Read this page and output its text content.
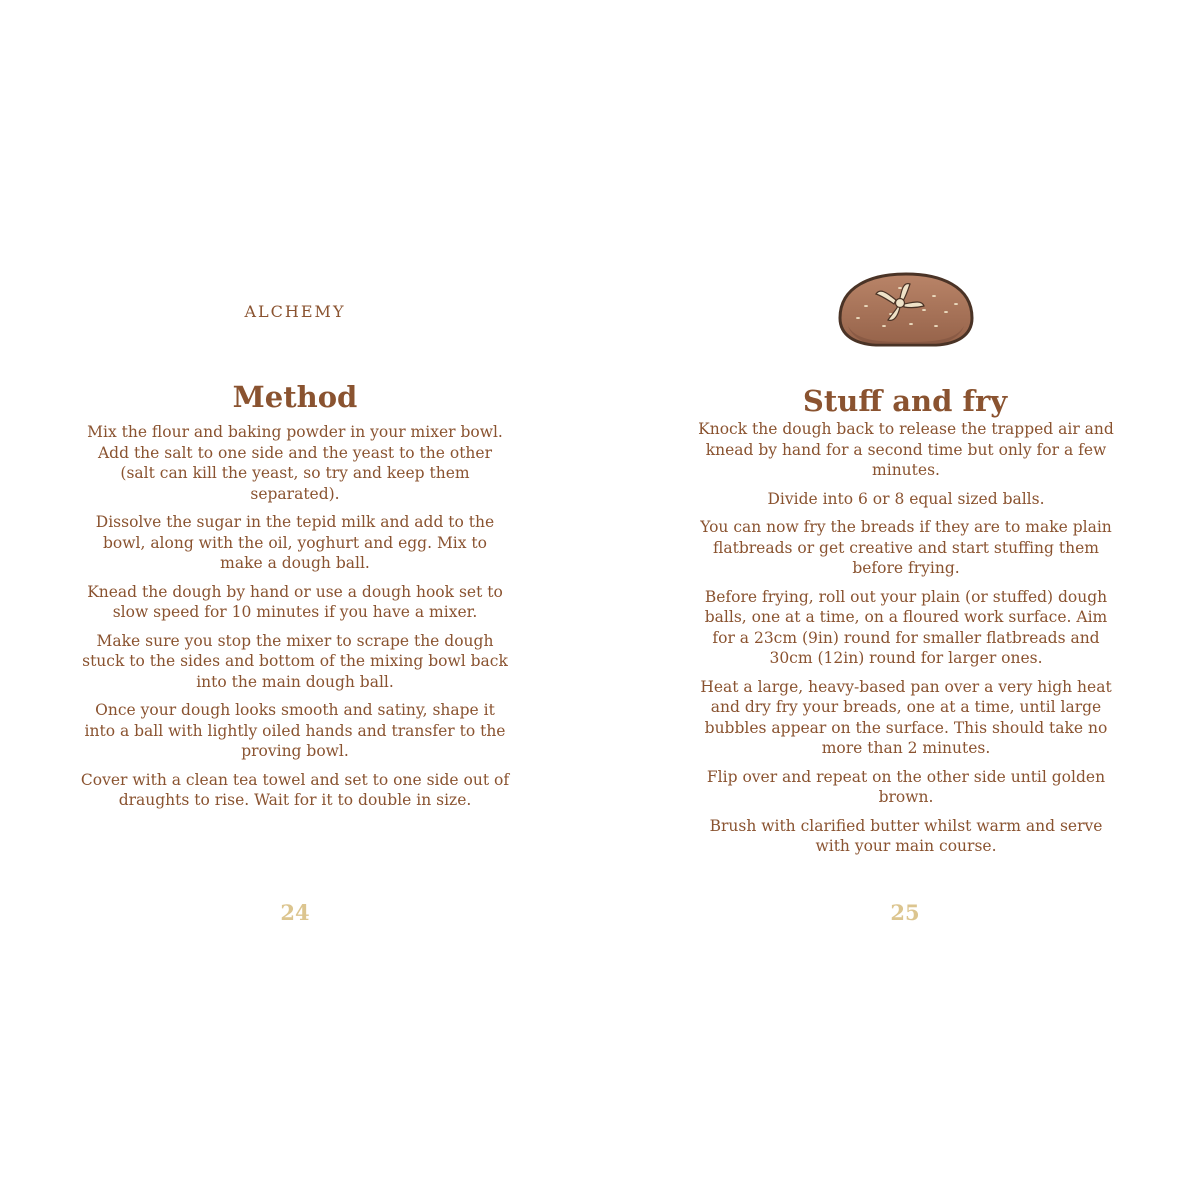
ALCHEMY
Method

Mix the flour and baking powder in your mixer bowl. Add the salt to one side and the yeast to the other (salt can kill the yeast, so try and keep them separated).

Dissolve the sugar in the tepid milk and add to the bowl, along with the oil, yoghurt and egg. Mix to make a dough ball.

Knead the dough by hand or use a dough hook set to slow speed for 10 minutes if you have a mixer.

Make sure you stop the mixer to scrape the dough stuck to the sides and bottom of the mixing bowl back into the main dough ball.

Once your dough looks smooth and satiny, shape it into a ball with lightly oiled hands and transfer to the proving bowl.

Cover with a clean tea towel and set to one side out of draughts to rise. Wait for it to double in size.

24
Stuff and fry

Knock the dough back to release the trapped air and knead by hand for a second time but only for a few minutes.

Divide into 6 or 8 equal sized balls.

You can now fry the breads if they are to make plain flatbreads or get creative and start stuffing them before frying.

Before frying, roll out your plain (or stuffed) dough balls, one at a time, on a floured work surface. Aim for a 23cm (9in) round for smaller flatbreads and 30cm (12in) round for larger ones.

Heat a large, heavy-based pan over a very high heat and dry fry your breads, one at a time, until large bubbles appear on the surface. This should take no more than 2 minutes.

Flip over and repeat on the other side until golden brown.

Brush with clarified butter whilst warm and serve with your main course.

25
